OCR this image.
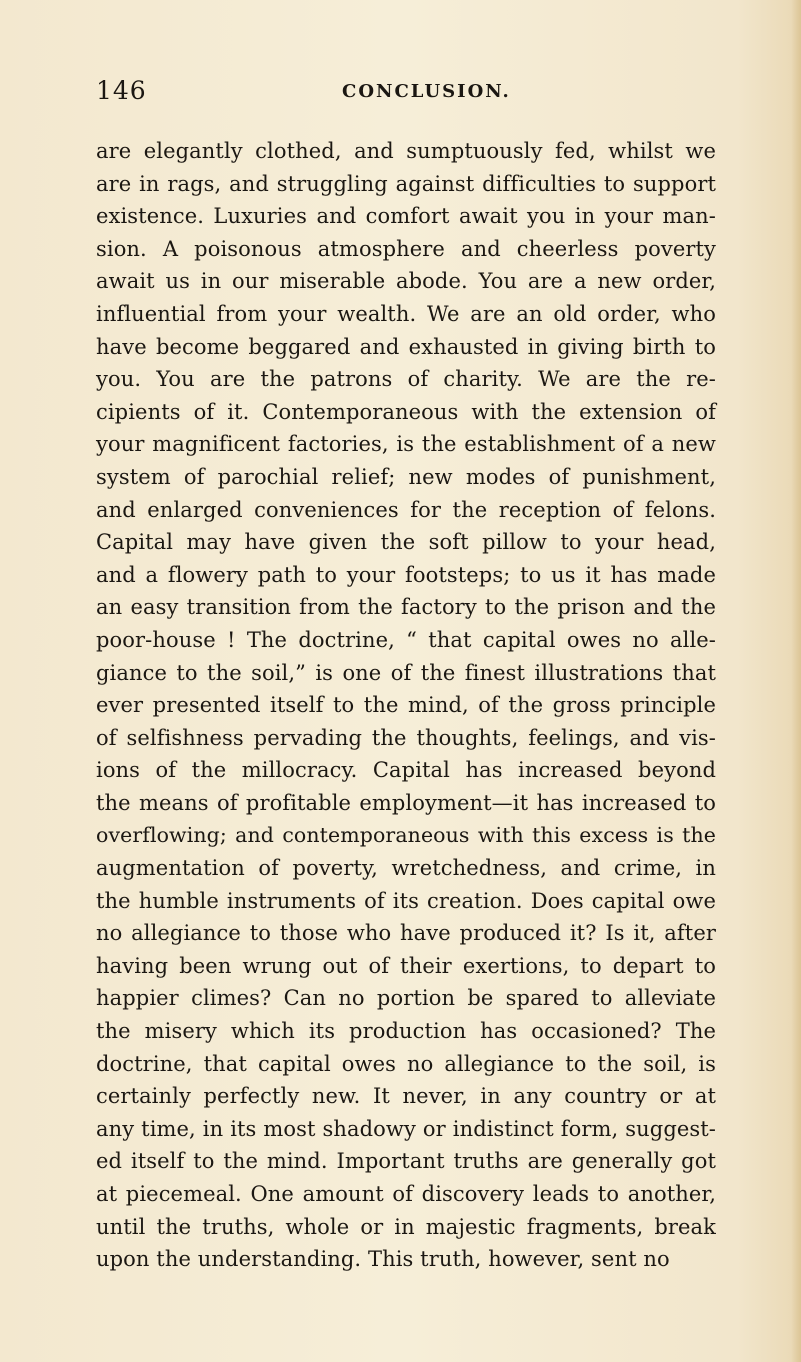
146	CONCLUSION.
are elegantly clothed, and sumptuously fed, whilst we
are in rags, and struggling against difficulties to support
existence. Luxuries and comfort await you in your man-
sion. A poisonous atmosphere and cheerless poverty
await us in our miserable abode. You are a new order,
influential from your wealth. We are an old order, who
have become beggared and exhausted in giving birth to
you. You are the patrons of charity. We are the re-
cipients of it. Contemporaneous with the extension of
your magnificent factories, is the establishment of a new
system of parochial relief; new modes of punishment,
and enlarged conveniences for the reception of felons.
Capital may have given the soft pillow to your head,
and a flowery path to your footsteps; to us it has made
an easy transition from the factory to the prison and the
poor-house ! The doctrine, “ that capital owes no alle-
giance to the soil,” is one of the finest illustrations that
ever presented itself to the mind, of the gross principle
of selfishness pervading the thoughts, feelings, and vis-
ions of the millocracy. Capital has increased beyond
the means of profitable employment—it has increased to
overflowing; and contemporaneous with this excess is the
augmentation of poverty, wretchedness, and crime, in
the humble instruments of its creation. Does capital owe
no allegiance to those who have produced it? Is it, after
having been wrung out of their exertions, to depart to
happier climes? Can no portion be spared to alleviate
the misery which its production has occasioned? The
doctrine, that capital owes no allegiance to the soil, is
certainly perfectly new. It never, in any country or at
any time, in its most shadowy or indistinct form, suggest-
ed itself to the mind. Important truths are generally got
at piecemeal. One amount of discovery leads to another,
until the truths, whole or in majestic fragments, break
upon the understanding. This truth, however, sent no
